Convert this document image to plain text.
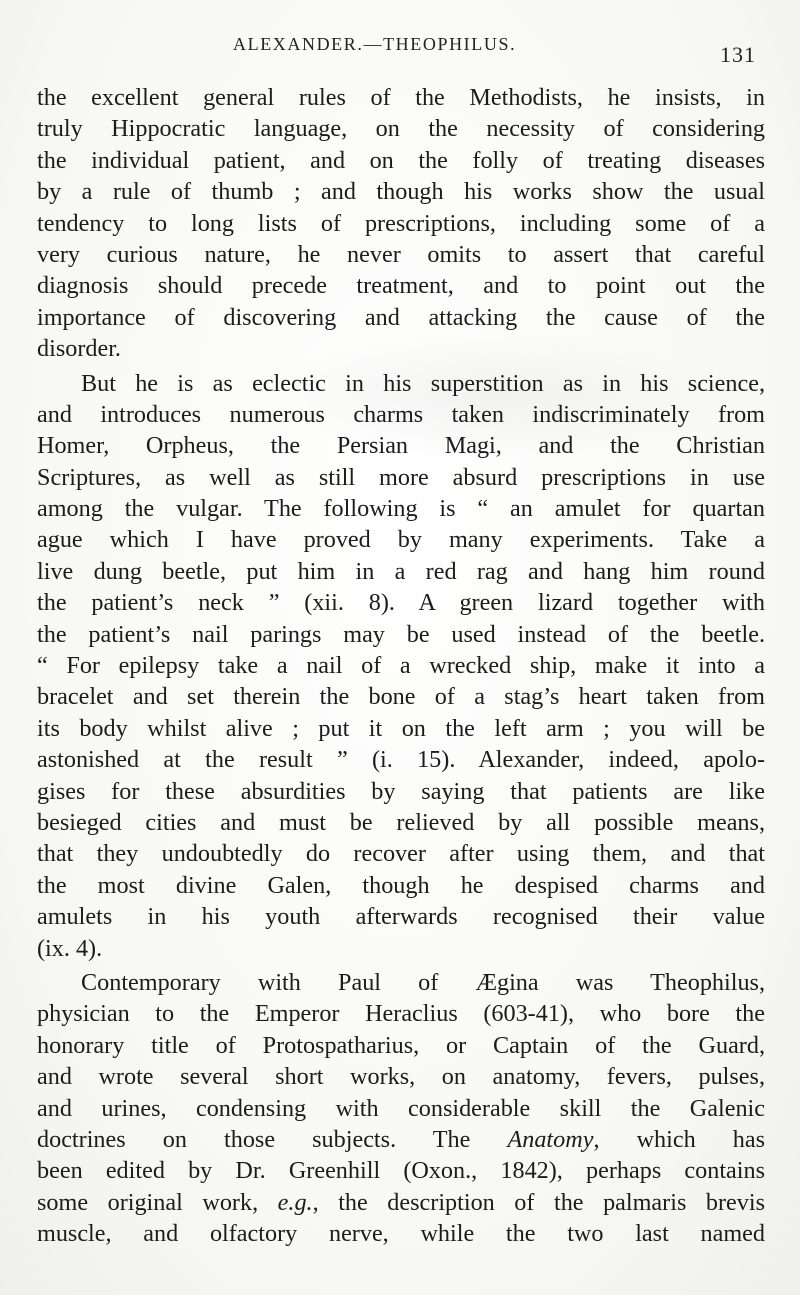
ALEXANDER.—THEOPHILUS.	131
the excellent general rules of the Methodists, he insists, in
truly Hippocratic language, on the necessity of considering
the individual patient, and on the folly of treating diseases
by a rule of thumb ; and though his works show the usual
tendency to long lists of prescriptions, including some of a
very curious nature, he never omits to assert that careful
diagnosis should precede treatment, and to point out the
importance of discovering and attacking the cause of the
disorder.
But he is as eclectic in his superstition as in his science,
and introduces numerous charms taken indiscriminately from
Homer, Orpheus, the Persian Magi, and the Christian
Scriptures, as well as still more absurd prescriptions in use
among the vulgar. The following is “ an amulet for quartan
ague which I have proved by many experiments. Take a
live dung beetle, put him in a red rag and hang him round
the patient’s neck ” (xii. 8). A green lizard together with
the patient’s nail parings may be used instead of the beetle.
“ For epilepsy take a nail of a wrecked ship, make it into a
bracelet and set therein the bone of a stag’s heart taken from
its body whilst alive ; put it on the left arm ; you will be
astonished at the result ” (i. 15). Alexander, indeed, apolo-
gises for these absurdities by saying that patients are like
besieged cities and must be relieved by all possible means,
that they undoubtedly do recover after using them, and that
the most divine Galen, though he despised charms and
amulets in his youth afterwards recognised their value
(ix. 4).
Contemporary with Paul of Ægina was Theophilus,
physician to the Emperor Heraclius (603-41), who bore the
honorary title of Protospatharius, or Captain of the Guard,
and wrote several short works, on anatomy, fevers, pulses,
and urines, condensing with considerable skill the Galenic
doctrines on those subjects. The Anatomy, which has
been edited by Dr. Greenhill (Oxon., 1842), perhaps contains
some original work, e.g., the description of the palmaris brevis
muscle, and olfactory nerve, while the two last named
